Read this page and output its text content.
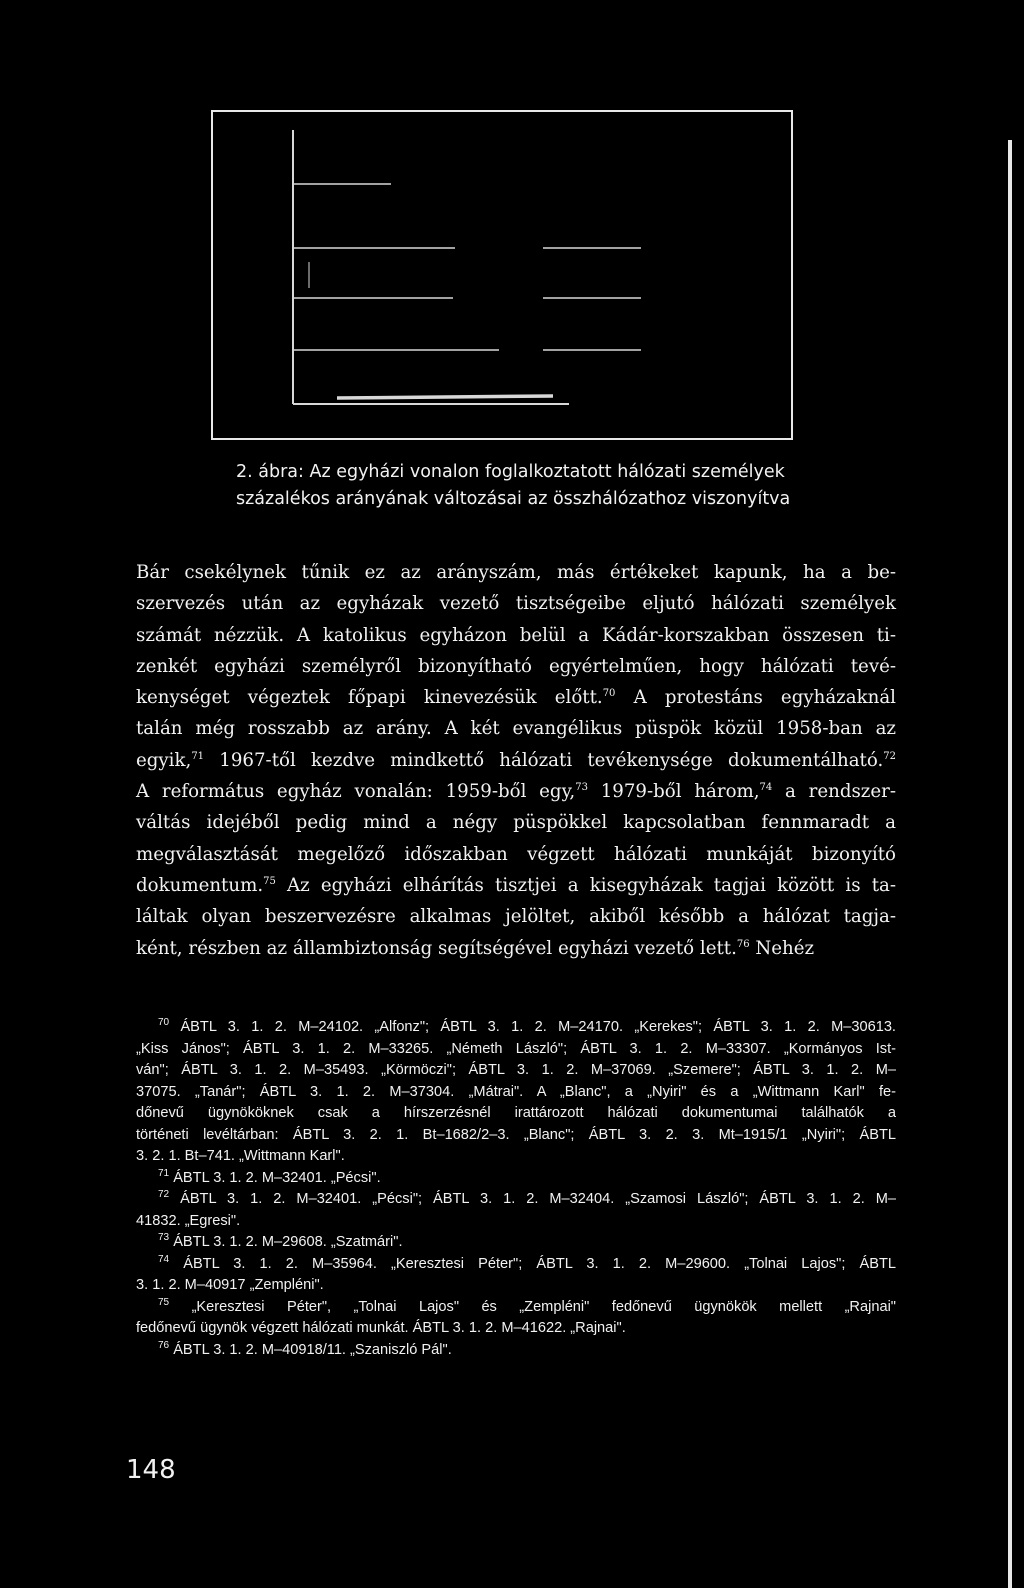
2. ábra: Az egyházi vonalon foglalkoztatott hálózati személyek
százalékos arányának változásai az összhálózathoz viszonyítva
Bár csekélynek tűnik ez az arányszám, más értékeket kapunk, ha a be-
szervezés után az egyházak vezető tisztségeibe eljutó hálózati személyek
számát nézzük. A katolikus egyházon belül a Kádár-korszakban összesen ti-
zenkét egyházi személyről bizonyítható egyértelműen, hogy hálózati tevé-
kenységet végeztek főpapi kinevezésük előtt.$^{70}$ A protestáns egyházaknál
talán még rosszabb az arány. A két evangélikus püspök közül 1958-ban az
egyik,$^{71}$ 1967-től kezdve mindkettő hálózati tevékenysége dokumentálható.$^{72}$
A református egyház vonalán: 1959-ből egy,$^{73}$ 1979-ből három,$^{74}$ a rendszer-
váltás idejéből pedig mind a négy püspökkel kapcsolatban fennmaradt a
megválasztását megelőző időszakban végzett hálózati munkáját bizonyító
dokumentum.$^{75}$ Az egyházi elhárítás tisztjei a kisegyházak tagjai között is ta-
láltak olyan beszervezésre alkalmas jelöltet, akiből később a hálózat tagja-
ként, részben az állambiztonság segítségével egyházi vezető lett.$^{76}$ Nehéz
$^{70}$ ÁBTL 3. 1. 2. M–24102. „Alfonz"; ÁBTL 3. 1. 2. M–24170. „Kerekes"; ÁBTL 3. 1. 2. M–30613.
„Kiss János"; ÁBTL 3. 1. 2. M–33265. „Németh László"; ÁBTL 3. 1. 2. M–33307. „Kormányos Ist-
ván"; ÁBTL 3. 1. 2. M–35493. „Körmöczi"; ÁBTL 3. 1. 2. M–37069. „Szemere"; ÁBTL 3. 1. 2. M–
37075. „Tanár"; ÁBTL 3. 1. 2. M–37304. „Mátrai". A „Blanc", a „Nyiri" és a „Wittmann Karl" fe-
dőnevű ügynököknek csak a hírszerzésnél irattározott hálózati dokumentumai találhatók a
történeti levéltárban: ÁBTL 3. 2. 1. Bt–1682/2–3. „Blanc"; ÁBTL 3. 2. 3. Mt–1915/1 „Nyiri"; ÁBTL
3. 2. 1. Bt–741. „Wittmann Karl".
$^{71}$ ÁBTL 3. 1. 2. M–32401. „Pécsi".
$^{72}$ ÁBTL 3. 1. 2. M–32401. „Pécsi"; ÁBTL 3. 1. 2. M–32404. „Szamosi László"; ÁBTL 3. 1. 2. M–
41832. „Egresi".
$^{73}$ ÁBTL 3. 1. 2. M–29608. „Szatmári".
$^{74}$ ÁBTL 3. 1. 2. M–35964. „Keresztesi Péter"; ÁBTL 3. 1. 2. M–29600. „Tolnai Lajos"; ÁBTL
3. 1. 2. M–40917 „Zempléni".
$^{75}$ „Keresztesi Péter", „Tolnai Lajos" és „Zempléni" fedőnevű ügynökök mellett „Rajnai"
fedőnevű ügynök végzett hálózati munkát. ÁBTL 3. 1. 2. M–41622. „Rajnai".
$^{76}$ ÁBTL 3. 1. 2. M–40918/11. „Szaniszló Pál".
148
